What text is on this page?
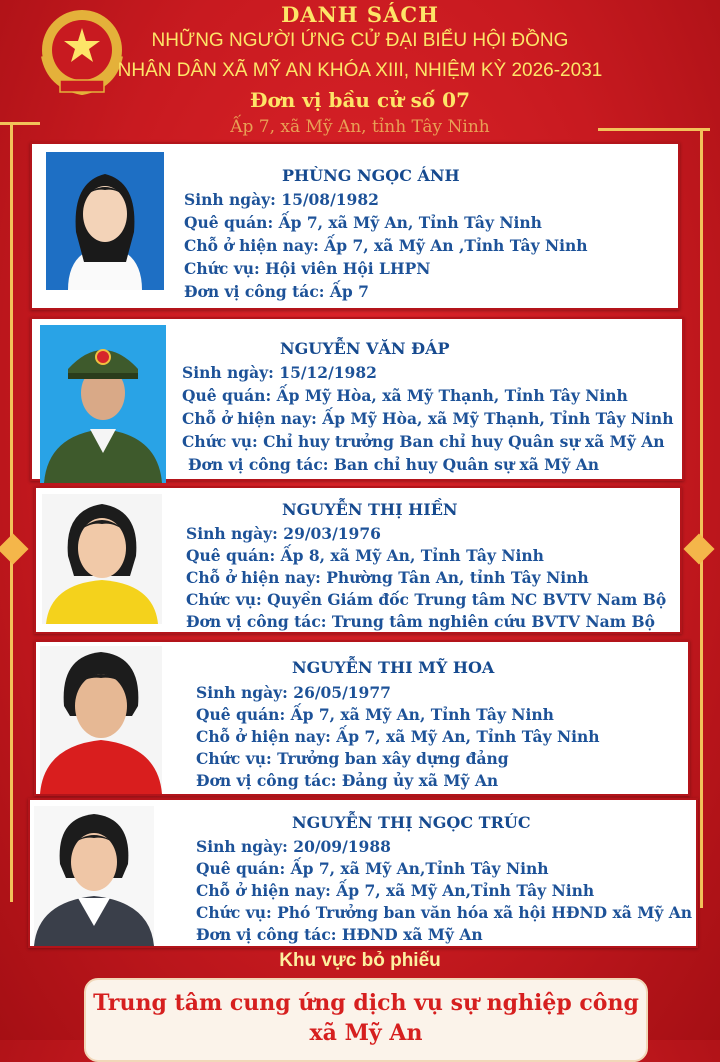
DANH SÁCH
NHỮNG NGƯỜI ỨNG CỬ ĐẠI BIỂU HỘI ĐỒNG
NHÂN DÂN XÃ MỸ AN KHÓA XIII, NHIỆM KỲ 2026-2031
Đơn vị bầu cử số 07
Ấp 7, xã Mỹ An, tỉnh Tây Ninh
PHÙNG NGỌC ÁNH
Sinh ngày: 15/08/1982
Quê quán: Ấp 7, xã Mỹ An, Tỉnh Tây Ninh
Chỗ ở hiện nay: Ấp 7, xã Mỹ An ,Tỉnh Tây Ninh
Chức vụ: Hội viên Hội LHPN
Đơn vị công tác: Ấp 7
NGUYỄN VĂN ĐÁP
Sinh ngày: 15/12/1982
Quê quán: Ấp Mỹ Hòa, xã Mỹ Thạnh, Tỉnh Tây Ninh
Chỗ ở hiện nay: Ấp Mỹ Hòa, xã Mỹ Thạnh, Tỉnh Tây Ninh
Chức vụ: Chỉ huy trưởng Ban chỉ huy Quân sự xã Mỹ An
Đơn vị công tác: Ban chỉ huy Quân sự xã Mỹ An
NGUYỄN THỊ HIỀN
Sinh ngày: 29/03/1976
Quê quán: Ấp 8, xã Mỹ An, Tỉnh Tây Ninh
Chỗ ở hiện nay: Phường Tân An, tỉnh Tây Ninh
Chức vụ: Quyền Giám đốc Trung tâm NC BVTV Nam Bộ
Đơn vị công tác: Trung tâm nghiên cứu BVTV Nam Bộ
NGUYỄN THI MỸ HOA
Sinh ngày: 26/05/1977
Quê quán: Ấp 7, xã Mỹ An, Tỉnh Tây Ninh
Chỗ ở hiện nay: Ấp 7, xã Mỹ An, Tỉnh Tây Ninh
Chức vụ: Trưởng ban xây dựng đảng
Đơn vị công tác: Đảng ủy xã Mỹ An
NGUYỄN THỊ NGỌC TRÚC
Sinh ngày: 20/09/1988
Quê quán: Ấp 7, xã Mỹ An,Tỉnh Tây Ninh
Chỗ ở hiện nay: Ấp 7, xã Mỹ An,Tỉnh Tây Ninh
Chức vụ: Phó Trưởng ban văn hóa xã hội HĐND xã Mỹ An
Đơn vị công tác: HĐND xã Mỹ An
Khu vực bỏ phiếu
Trung tâm cung ứng dịch vụ sự nghiệp công
xã Mỹ An
